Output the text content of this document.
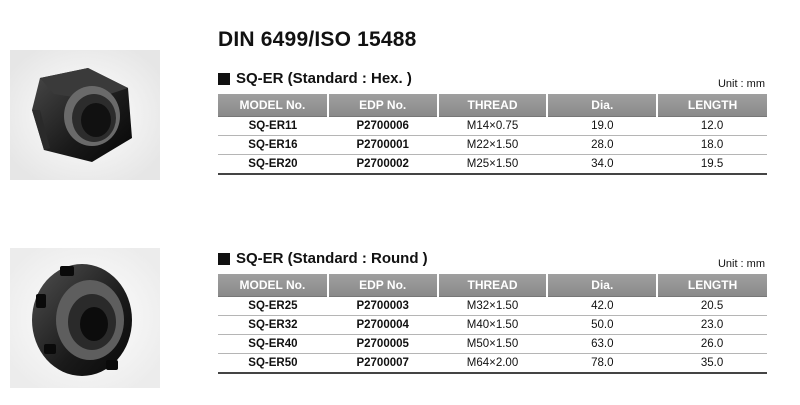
DIN 6499/ISO 15488
SQ-ER (Standard : Hex. )	Unit : mm
MODEL No.	EDP No.	THREAD	Dia.	LENGTH
SQ-ER11	P2700006	M14×0.75	19.0	12.0
SQ-ER16	P2700001	M22×1.50	28.0	18.0
SQ-ER20	P2700002	M25×1.50	34.0	19.5
SQ-ER (Standard : Round )	Unit : mm
MODEL No.	EDP No.	THREAD	Dia.	LENGTH
SQ-ER25	P2700003	M32×1.50	42.0	20.5
SQ-ER32	P2700004	M40×1.50	50.0	23.0
SQ-ER40	P2700005	M50×1.50	63.0	26.0
SQ-ER50	P2700007	M64×2.00	78.0	35.0
